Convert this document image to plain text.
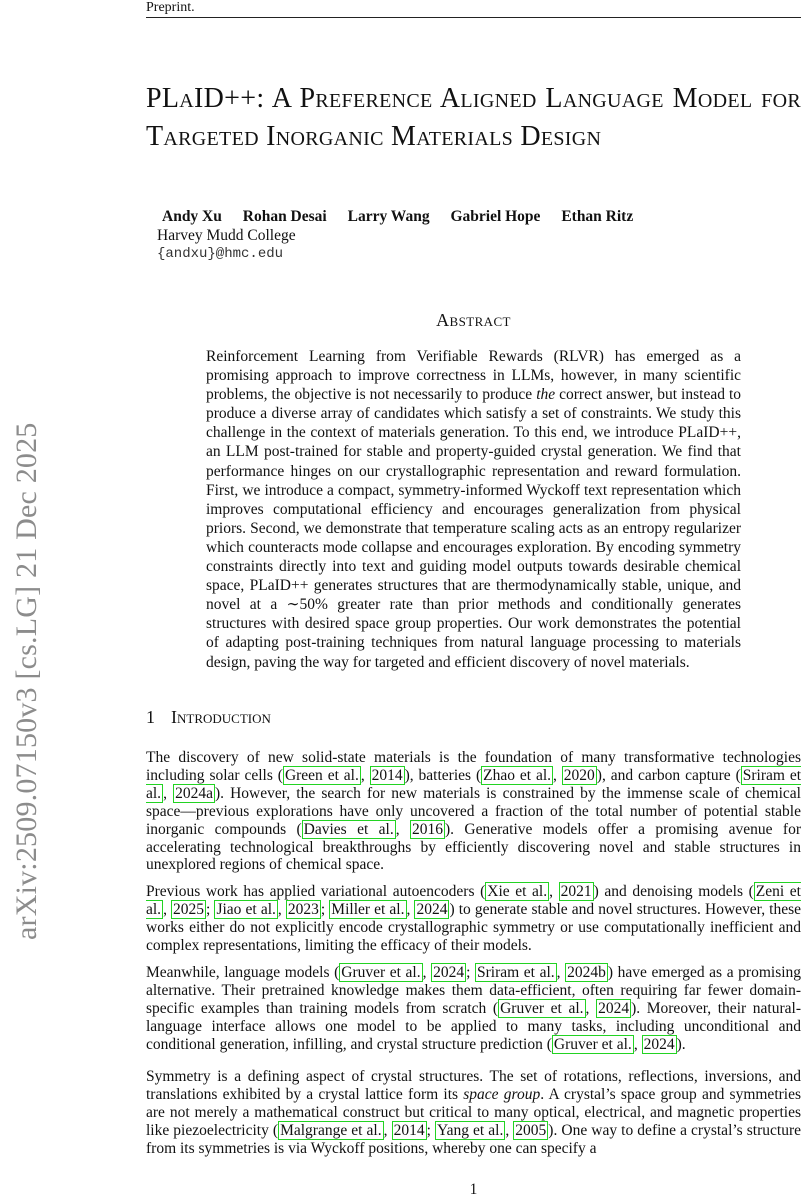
Preprint.
arXiv:2509.07150v3 [cs.LG] 21 Dec 2025
PLaID++: A Preference Aligned Language Model for Targeted Inorganic Materials Design
Andy Xu Rohan Desai Larry Wang Gabriel Hope Ethan Ritz
Harvey Mudd College
{andxu}@hmc.edu
Abstract
Reinforcement Learning from Verifiable Rewards (RLVR) has emerged as a promising approach to improve correctness in LLMs, however, in many scientific problems, the objective is not necessarily to produce the correct answer, but instead to produce a diverse array of candidates which satisfy a set of constraints. We study this challenge in the context of materials generation. To this end, we introduce PLaID++, an LLM post-trained for stable and property-guided crystal generation. We find that performance hinges on our crystallographic representation and reward formulation. First, we introduce a compact, symmetry-informed Wyckoff text representation which improves computational efficiency and encourages generalization from physical priors. Second, we demonstrate that temperature scaling acts as an entropy regularizer which counteracts mode collapse and encourages exploration. By encoding symmetry constraints directly into text and guiding model outputs towards desirable chemical space, PLaID++ generates structures that are thermodynamically stable, unique, and novel at a ∼50% greater rate than prior methods and conditionally generates structures with desired space group properties. Our work demonstrates the potential of adapting post-training techniques from natural language processing to materials design, paving the way for targeted and efficient discovery of novel materials.
1 Introduction
The discovery of new solid-state materials is the foundation of many transformative technologies including solar cells ( Green et al. , 2014 ), batteries ( Zhao et al. , 2020 ), and carbon capture ( Sriram et al. , 2024a ). However, the search for new materials is constrained by the immense scale of chemical space—previous explorations have only uncovered a fraction of the total number of potential stable inorganic compounds ( Davies et al. , 2016 ). Generative models offer a promising avenue for accelerating technological breakthroughs by efficiently discovering novel and stable structures in unexplored regions of chemical space.
Previous work has applied variational autoencoders ( Xie et al. , 2021 ) and denoising models ( Zeni et al. , 2025 ; Jiao et al. , 2023 ; Miller et al. , 2024 ) to generate stable and novel structures. However, these works either do not explicitly encode crystallographic symmetry or use computationally inefficient and complex representations, limiting the efficacy of their models.
Meanwhile, language models ( Gruver et al. , 2024 ; Sriram et al. , 2024b ) have emerged as a promising alternative. Their pretrained knowledge makes them data-efficient, often requiring far fewer domain-specific examples than training models from scratch ( Gruver et al. , 2024 ). Moreover, their natural-language interface allows one model to be applied to many tasks, including unconditional and conditional generation, infilling, and crystal structure prediction ( Gruver et al. , 2024 ).
Symmetry is a defining aspect of crystal structures. The set of rotations, reflections, inversions, and translations exhibited by a crystal lattice form its space group. A crystal’s space group and symmetries are not merely a mathematical construct but critical to many optical, electrical, and magnetic properties like piezoelectricity ( Malgrange et al. , 2014 ; Yang et al. , 2005 ). One way to define a crystal’s structure from its symmetries is via Wyckoff positions, whereby one can specify a
1
